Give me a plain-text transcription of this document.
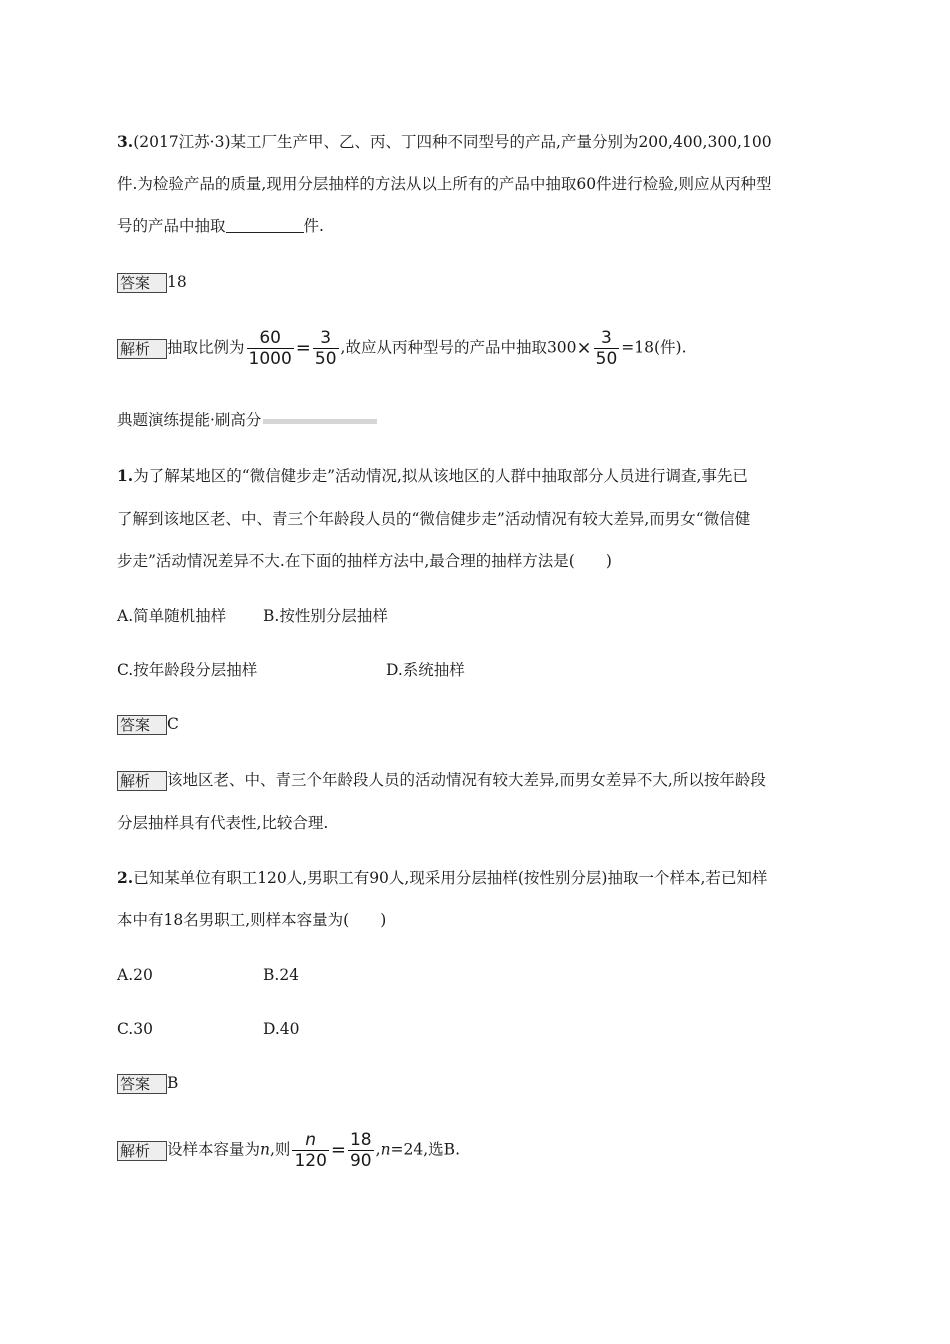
3.(2017江苏·3)某工厂生产甲、乙、丙、丁四种不同型号的产品,产量分别为200,400,300,100
件.为检验产品的质量,现用分层抽样的方法从以上所有的产品中抽取60件进行检验,则应从丙种型
号的产品中抽取	件.
答案 18
解析 抽取比例为 $\frac{60}{1000} = \frac{3}{50}$ ,故应从丙种型号的产品中抽取$300\times \frac{3}{50} =18$(件).
典题演练提能·刷高分
1.为了解某地区的“微信健步走”活动情况,拟从该地区的人群中抽取部分人员进行调查,事先已
了解到该地区老、中、青三个年龄段人员的“微信健步走”活动情况有较大差异,而男女“微信健
步走”活动情况差异不大.在下面的抽样方法中,最合理的抽样方法是(　　)
A.简单随机抽样 B.按性别分层抽样
C.按年龄段分层抽样	D.系统抽样
答案 C
解析 该地区老、中、青三个年龄段人员的活动情况有较大差异,而男女差异不大,所以按年龄段
分层抽样具有代表性,比较合理.
2.已知某单位有职工120人,男职工有90人,现采用分层抽样(按性别分层)抽取一个样本,若已知样
本中有18名男职工,则样本容量为(　　)
A.20	B.24
C.30	D.40
答案 B
解析 设样本容量为n,则 $\frac{n}{120} = \frac{18}{90} ,n=24$,选B.
